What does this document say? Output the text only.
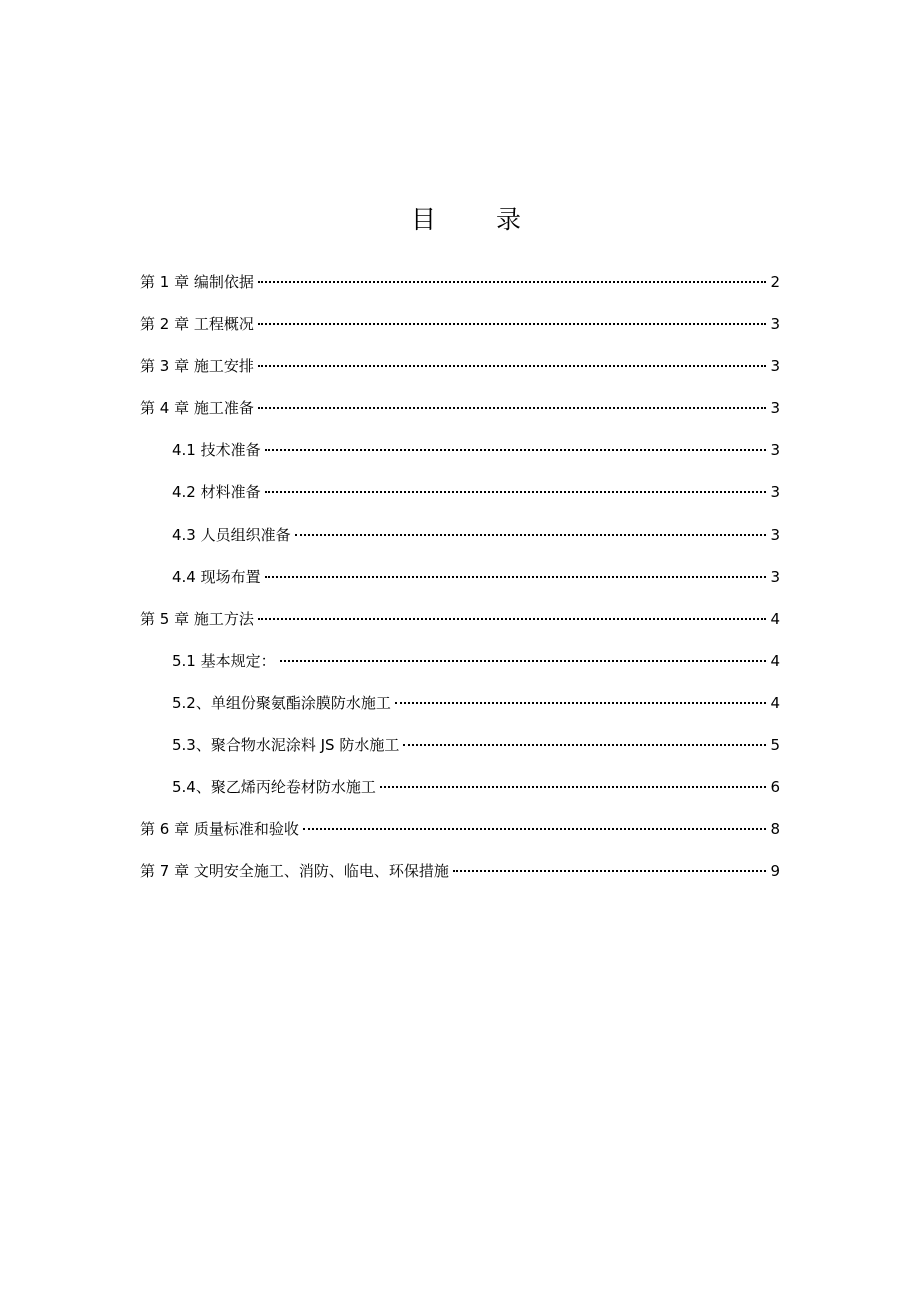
目 录
第 1 章 编制依据	2
第 2 章 工程概况	3
第 3 章 施工安排	3
第 4 章 施工准备	3
4.1 技术准备	3
4.2 材料准备	3
4.3 人员组织准备	3
4.4 现场布置	3
第 5 章 施工方法	4
5.1 基本规定：	4
5.2、单组份聚氨酯涂膜防水施工	4
5.3、聚合物水泥涂料 JS 防水施工	5
5.4、聚乙烯丙纶卷材防水施工	6
第 6 章 质量标准和验收	8
第 7 章 文明安全施工、消防、临电、环保措施	9
